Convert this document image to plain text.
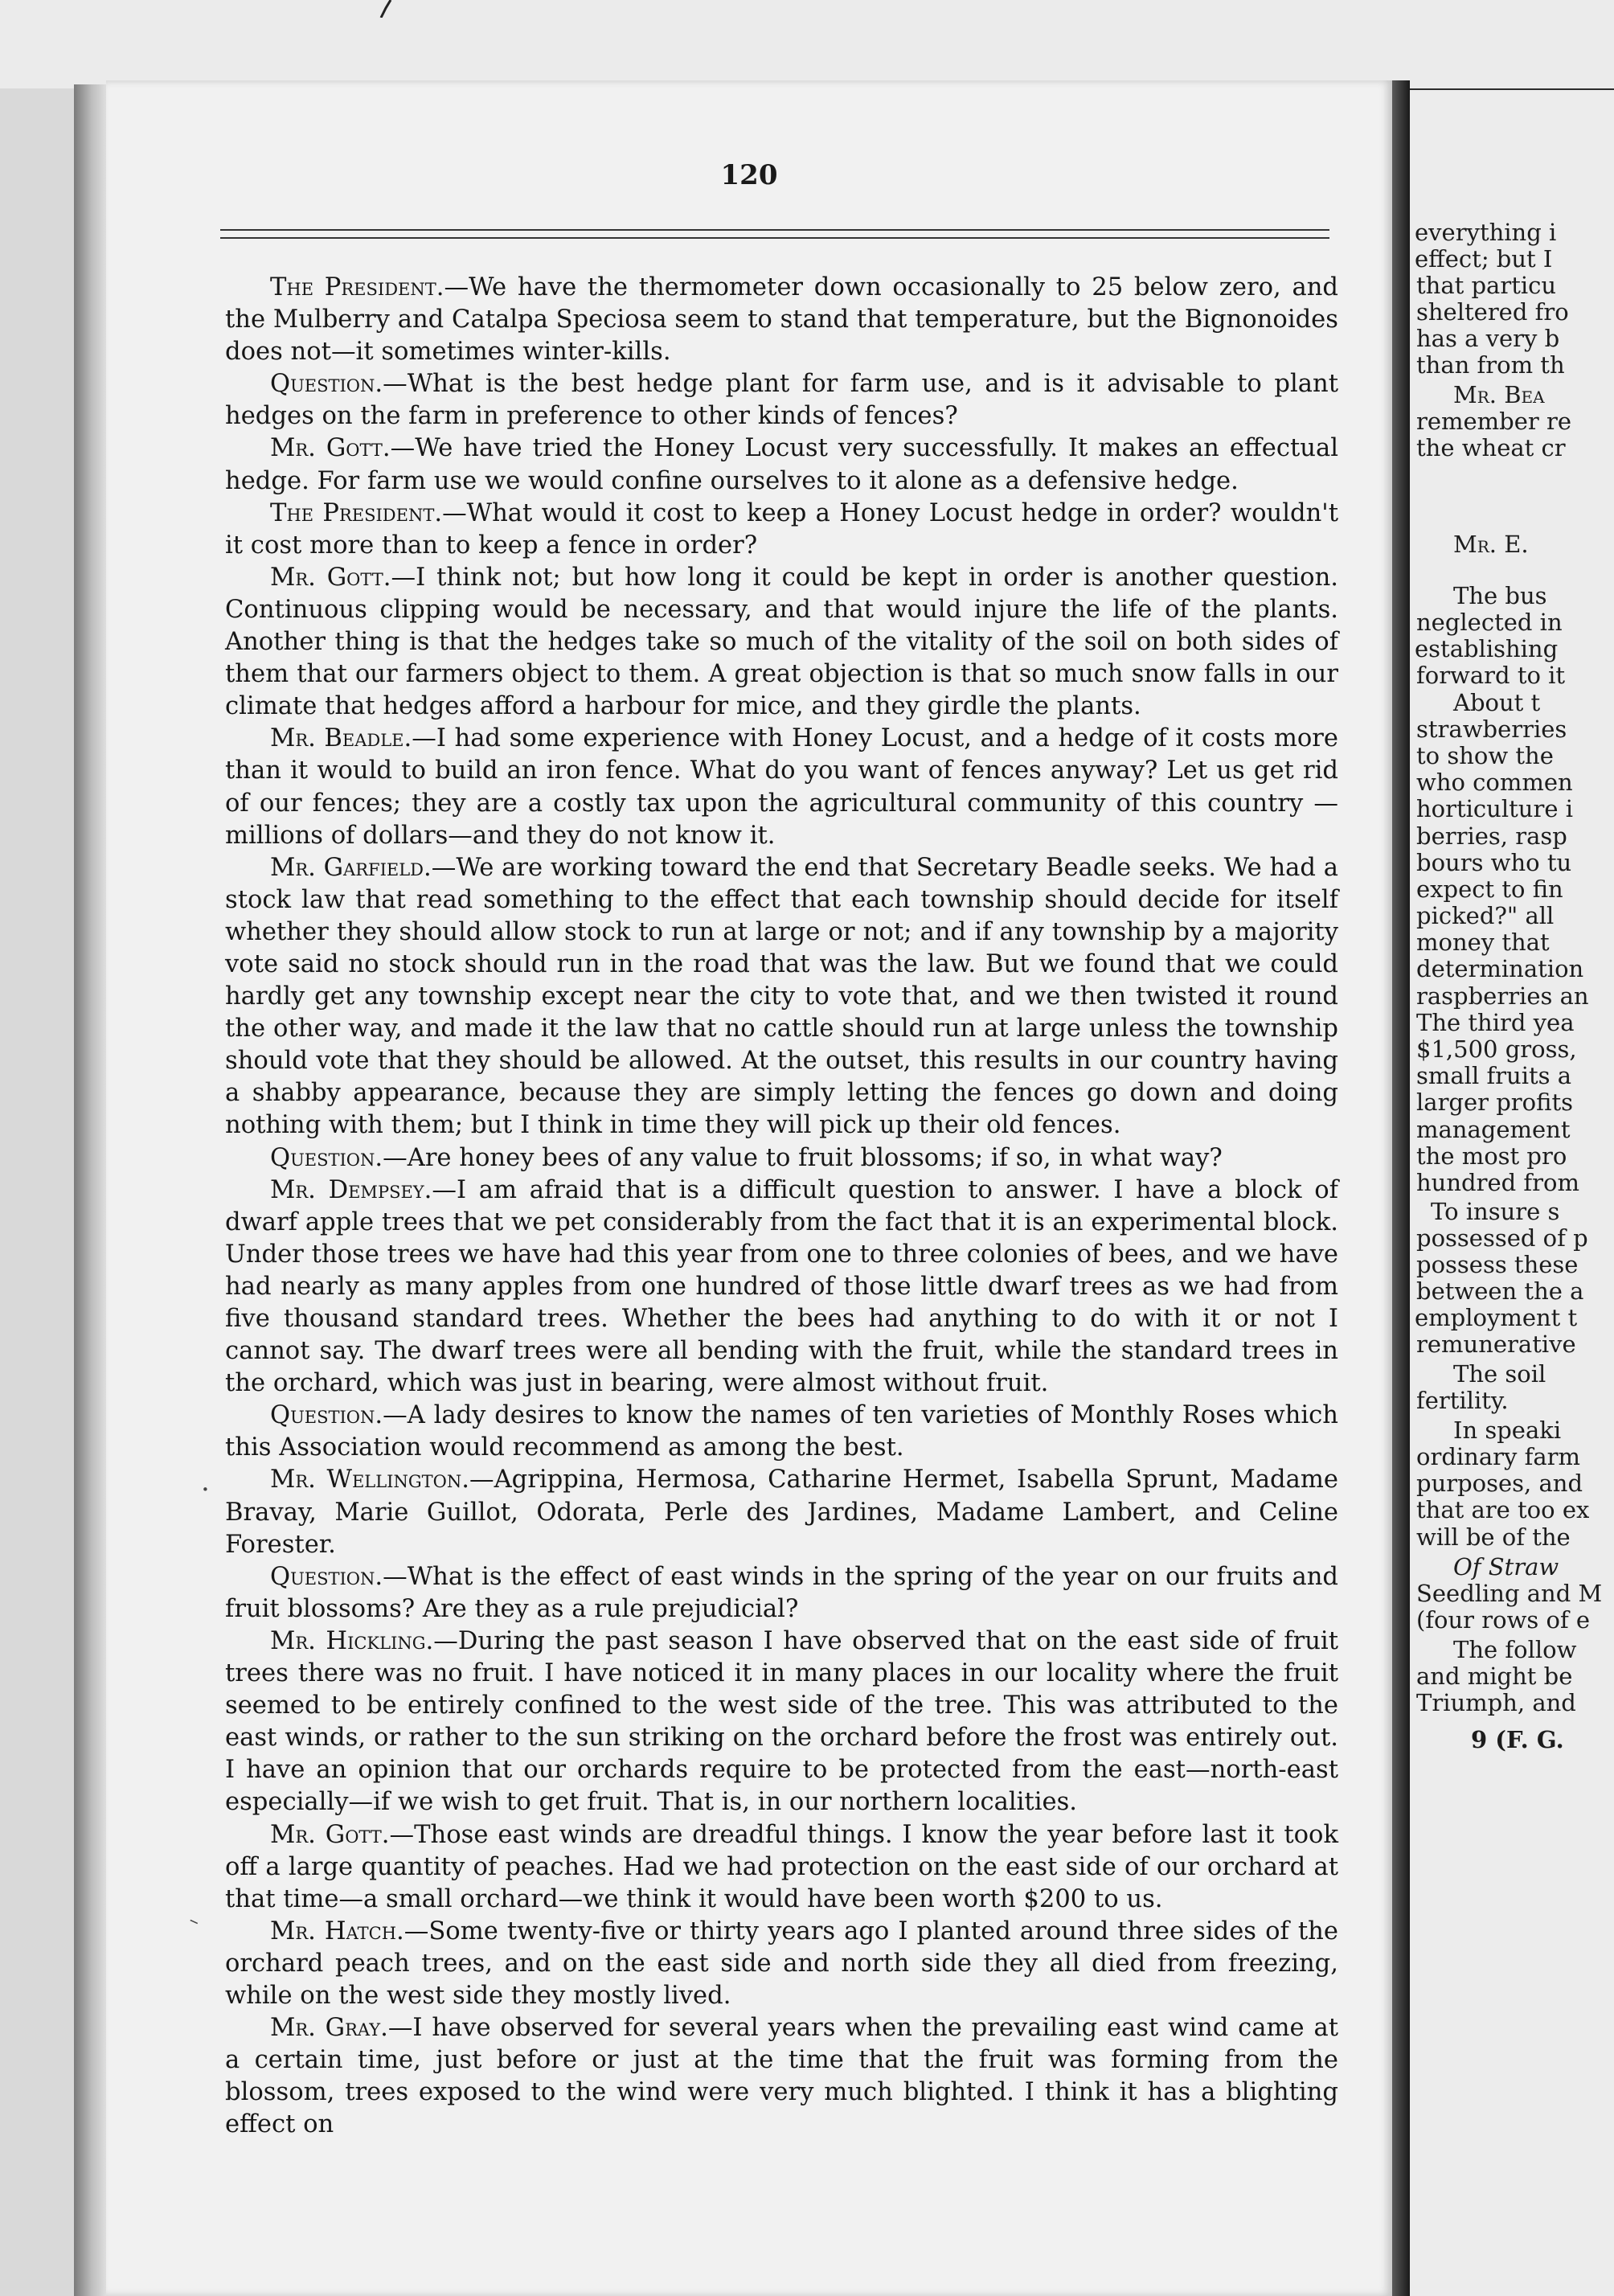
120

The President.—We have the thermometer down occasionally to 25 below zero, and the Mulberry and Catalpa Speciosa seem to stand that temperature, but the Bignonoides does not—it sometimes winter-kills.

Question.—What is the best hedge plant for farm use, and is it advisable to plant hedges on the farm in preference to other kinds of fences?

Mr. Gott.—We have tried the Honey Locust very successfully. It makes an effectual hedge. For farm use we would confine ourselves to it alone as a defensive hedge.

The President.—What would it cost to keep a Honey Locust hedge in order? wouldn't it cost more than to keep a fence in order?

Mr. Gott.—I think not; but how long it could be kept in order is another question. Continuous clipping would be necessary, and that would injure the life of the plants. Another thing is that the hedges take so much of the vitality of the soil on both sides of them that our farmers object to them. A great objection is that so much snow falls in our climate that hedges afford a harbour for mice, and they girdle the plants.

Mr. Beadle.—I had some experience with Honey Locust, and a hedge of it costs more than it would to build an iron fence. What do you want of fences anyway? Let us get rid of our fences; they are a costly tax upon the agricultural community of this country —millions of dollars—and they do not know it.

Mr. Garfield.—We are working toward the end that Secretary Beadle seeks. We had a stock law that read something to the effect that each township should decide for itself whether they should allow stock to run at large or not; and if any township by a majority vote said no stock should run in the road that was the law. But we found that we could hardly get any township except near the city to vote that, and we then twisted it round the other way, and made it the law that no cattle should run at large unless the township should vote that they should be allowed. At the outset, this results in our country having a shabby appearance, because they are simply letting the fences go down and doing nothing with them; but I think in time they will pick up their old fences.

Question.—Are honey bees of any value to fruit blossoms; if so, in what way?

Mr. Dempsey.—I am afraid that is a difficult question to answer. I have a block of dwarf apple trees that we pet considerably from the fact that it is an experimental block. Under those trees we have had this year from one to three colonies of bees, and we have had nearly as many apples from one hundred of those little dwarf trees as we had from five thousand standard trees. Whether the bees had anything to do with it or not I cannot say. The dwarf trees were all bending with the fruit, while the standard trees in the orchard, which was just in bearing, were almost without fruit.

Question.—A lady desires to know the names of ten varieties of Monthly Roses which this Association would recommend as among the best.

Mr. Wellington.—Agrippina, Hermosa, Catharine Hermet, Isabella Sprunt, Madame Bravay, Marie Guillot, Odorata, Perle des Jardines, Madame Lambert, and Celine Forester.

Question.—What is the effect of east winds in the spring of the year on our fruits and fruit blossoms? Are they as a rule prejudicial?

Mr. Hickling.—During the past season I have observed that on the east side of fruit trees there was no fruit. I have noticed it in many places in our locality where the fruit seemed to be entirely confined to the west side of the tree. This was attributed to the east winds, or rather to the sun striking on the orchard before the frost was entirely out. I have an opinion that our orchards require to be protected from the east—north-east especially—if we wish to get fruit. That is, in our northern localities.

Mr. Gott.—Those east winds are dreadful things. I know the year before last it took off a large quantity of peaches. Had we had protection on the east side of our orchard at that time—a small orchard—we think it would have been worth $200 to us.

Mr. Hatch.—Some twenty-five or thirty years ago I planted around three sides of the orchard peach trees, and on the east side and north side they all died from freezing, while on the west side they mostly lived.

Mr. Gray.—I have observed for several years when the prevailing east wind came at a certain time, just before or just at the time that the fruit was forming from the blossom, trees exposed to the wind were very much blighted. I think it has a blighting effect on

.
–
everything i
effect; but I
that particu
sheltered fro
has a very b
than from th
Mr. Bea
remember re
the wheat cr
Mr. E.
The bus
neglected in
establishing
forward to it
About t
strawberries
to show the
who commen
horticulture i
berries, rasp
bours who tu
expect to fin
picked?" all
money that
determination
raspberries an
The third yea
$1,500 gross,
small fruits a
larger profits
management
the most pro
hundred from
To insure s
possessed of p
possess these
between the a
employment t
remunerative
The soil
fertility.
In speaki
ordinary farm
purposes, and
that are too ex
will be of the
Of Straw
Seedling and M
(four rows of e
The follow
and might be
Triumph, and
9 (F. G.
